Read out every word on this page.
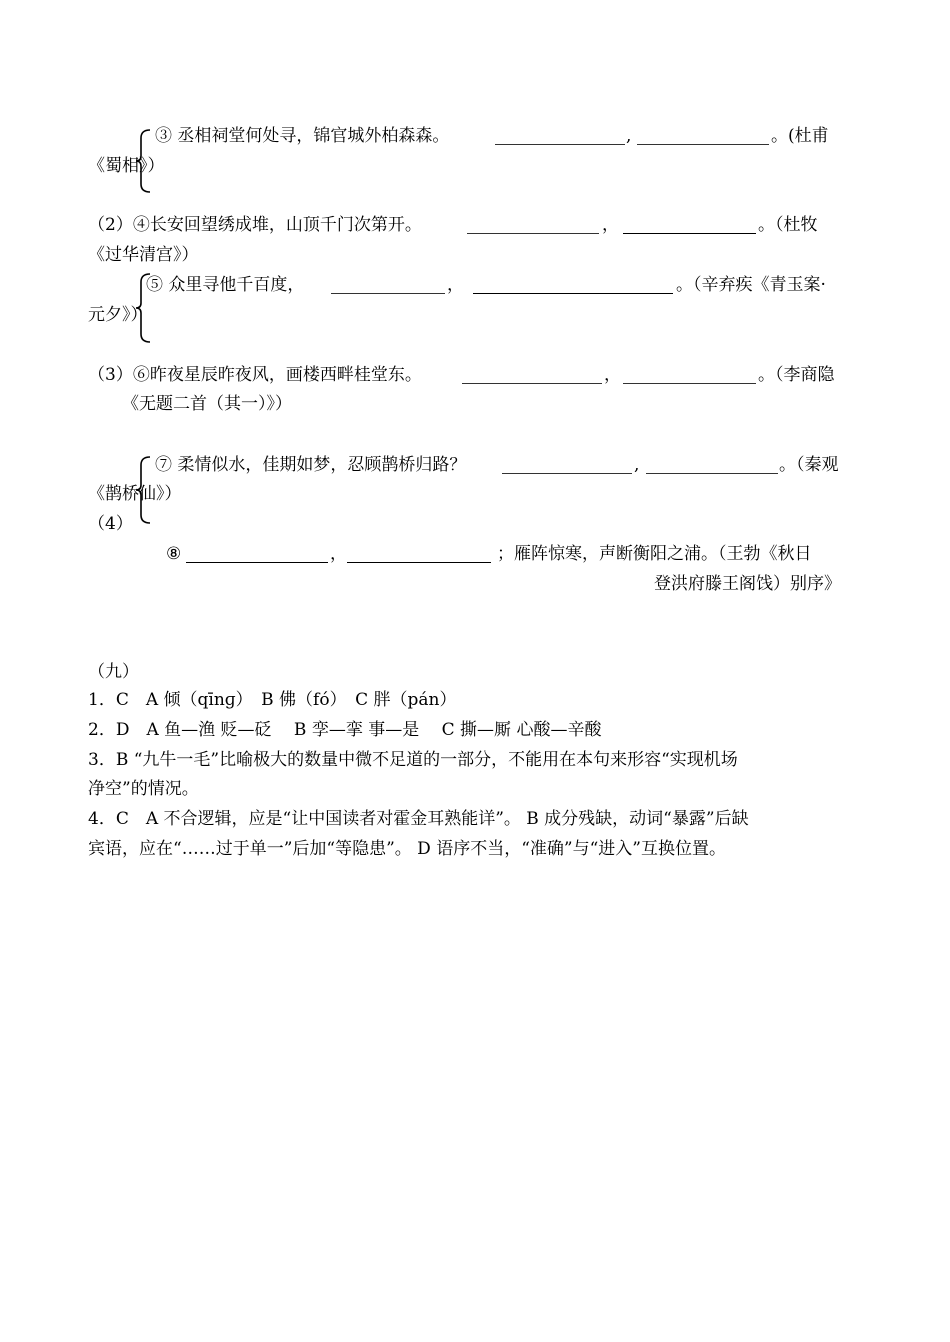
③ 丞相祠堂何处寻，锦官城外柏森森。	,	。(杜甫
《蜀相》）
（2）④长安回望绣成堆，山顶千门次第开。	，	。（杜牧
《过华清宫》）
⑤ 众里寻他千百度，	，	。（辛弃疾《青玉案·
元夕》）
（3）⑥昨夜星辰昨夜风，画楼西畔桂堂东。	，	。（李商隐
《无题二首（其一）》）
⑦ 柔情似水，佳期如梦，忍顾鹊桥归路？	,	。（秦观
《鹊桥仙》）
（4）
⑧	，	；雁阵惊寒，声断衡阳之浦。（王勃《秋日
登洪府滕王阁饯）别序》
（九）
1．C　A 倾（qīnɡ）　B 佛（fó）　C 胖（pán）
2．D　A 鱼—渔 贬—砭　 B 孪—挛 事—是　 C 撕—厮 心酸—辛酸
3．B “九牛一毛”比喻极大的数量中微不足道的一部分，不能用在本句来形容“实现机场
净空”的情况。
4．C　A 不合逻辑，应是“让中国读者对霍金耳熟能详”。 B 成分残缺，动词“暴露”后缺
宾语，应在“……过于单一”后加“等隐患”。 D 语序不当，“准确”与“进入”互换位置。
